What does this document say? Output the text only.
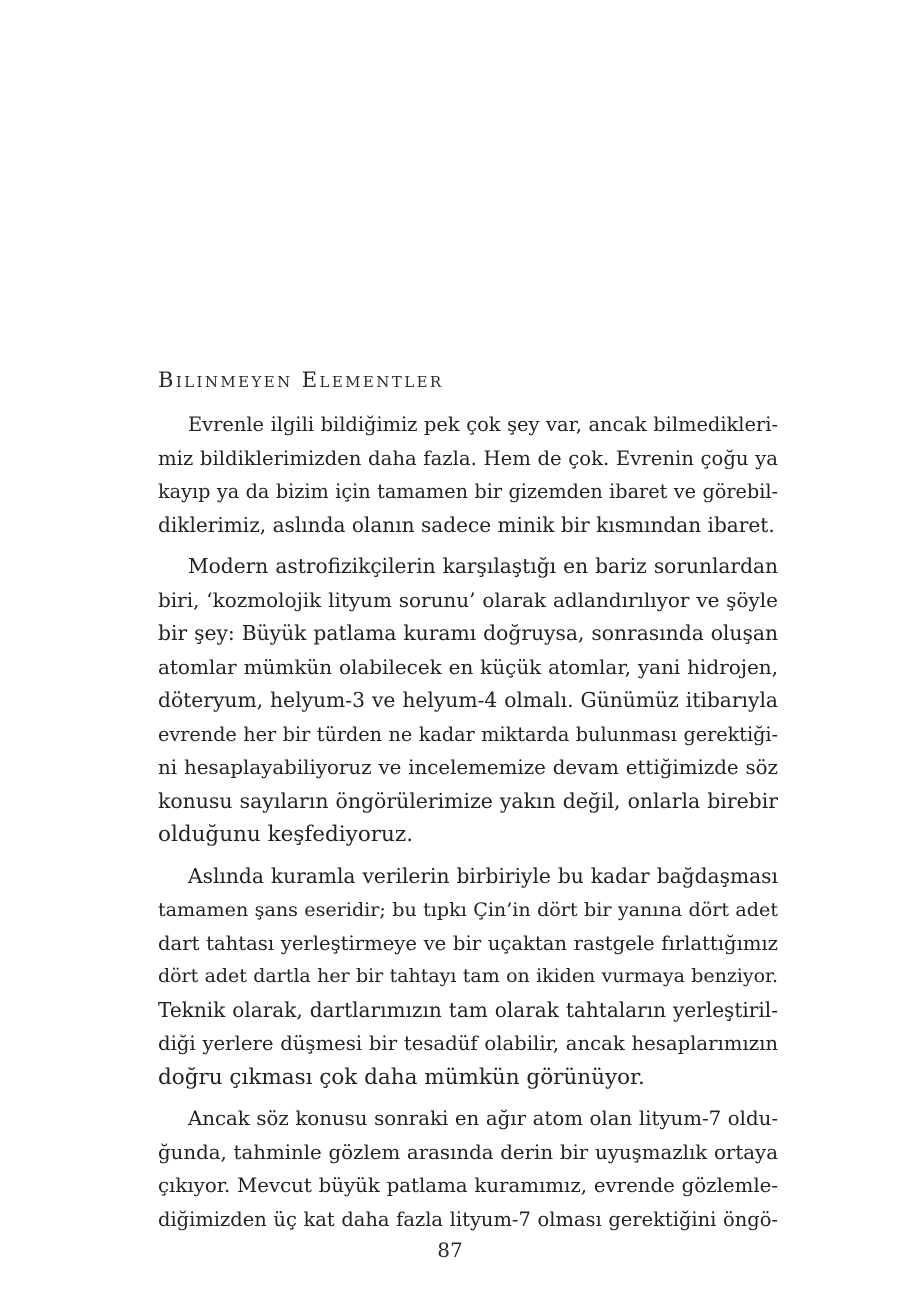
Bilinmeyen Elementler
Evrenle ilgili bildiğimiz pek çok şey var, ancak bilmedikleri-
miz bildiklerimizden daha fazla. Hem de çok. Evrenin çoğu ya
kayıp ya da bizim için tamamen bir gizemden ibaret ve görebil-
diklerimiz, aslında olanın sadece minik bir kısmından ibaret.
Modern astrofizikçilerin karşılaştığı en bariz sorunlardan
biri, ‘kozmolojik lityum sorunu’ olarak adlandırılıyor ve şöyle
bir şey: Büyük patlama kuramı doğruysa, sonrasında oluşan
atomlar mümkün olabilecek en küçük atomlar, yani hidrojen,
döteryum, helyum-3 ve helyum-4 olmalı. Günümüz itibarıyla
evrende her bir türden ne kadar miktarda bulunması gerektiği-
ni hesaplayabiliyoruz ve incelememize devam ettiğimizde söz
konusu sayıların öngörülerimize yakın değil, onlarla birebir
olduğunu keşfediyoruz.
Aslında kuramla verilerin birbiriyle bu kadar bağdaşması
tamamen şans eseridir; bu tıpkı Çin’in dört bir yanına dört adet
dart tahtası yerleştirmeye ve bir uçaktan rastgele fırlattığımız
dört adet dartla her bir tahtayı tam on ikiden vurmaya benziyor.
Teknik olarak, dartlarımızın tam olarak tahtaların yerleştiril-
diği yerlere düşmesi bir tesadüf olabilir, ancak hesaplarımızın
doğru çıkması çok daha mümkün görünüyor.
Ancak söz konusu sonraki en ağır atom olan lityum-7 oldu-
ğunda, tahminle gözlem arasında derin bir uyuşmazlık ortaya
çıkıyor. Mevcut büyük patlama kuramımız, evrende gözlemle-
diğimizden üç kat daha fazla lityum-7 olması gerektiğini öngö-
87
